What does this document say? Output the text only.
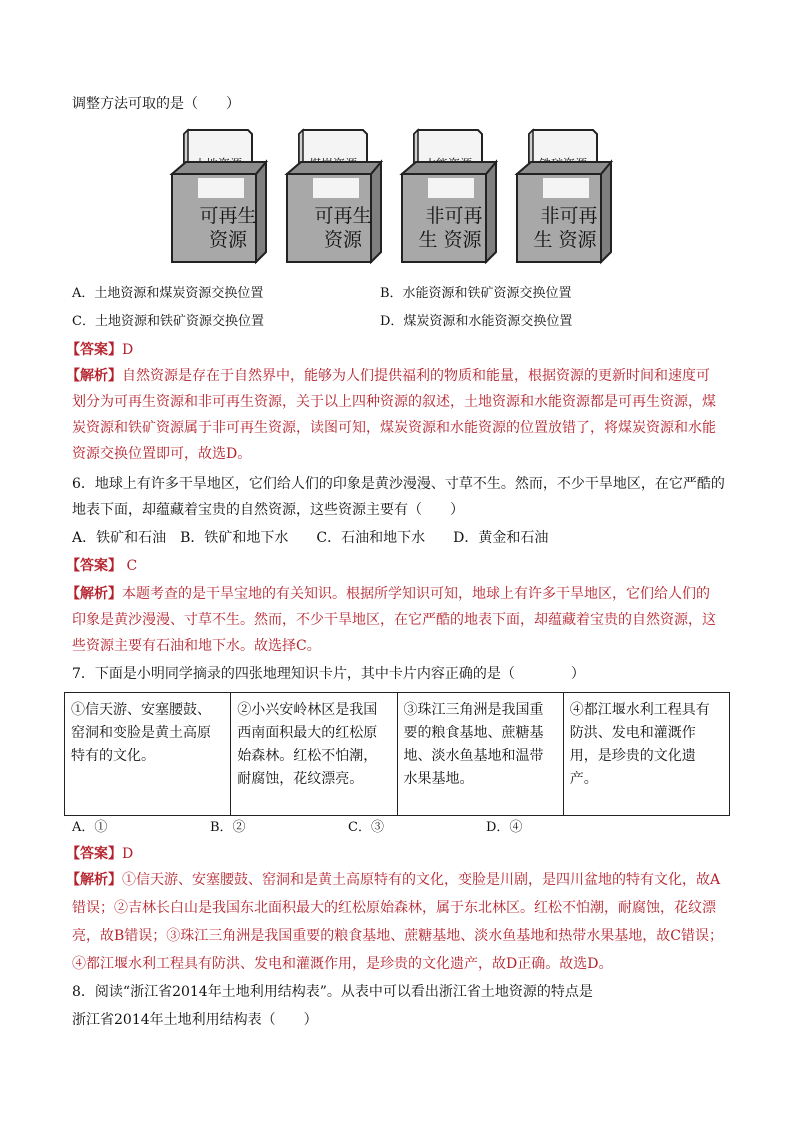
调整方法可取的是（　　）
可再生
资源
可再生
资源
非可再
生 资源
非可再
生 资源
A．土地资源和煤炭资源交换位置	B．水能资源和铁矿资源交换位置
C．土地资源和铁矿资源交换位置	D．煤炭资源和水能资源交换位置
【答案】D
【解析】自然资源是存在于自然界中，能够为人们提供福利的物质和能量，根据资源的更新时间和速度可
划分为可再生资源和非可再生资源，关于以上四种资源的叙述，土地资源和水能资源都是可再生资源，煤
炭资源和铁矿资源属于非可再生资源，读图可知，煤炭资源和水能资源的位置放错了，将煤炭资源和水能
资源交换位置即可，故选D。
6．地球上有许多干旱地区，它们给人们的印象是黄沙漫漫、寸草不生。然而，不少干旱地区，在它严酷的
地表下面，却蕴藏着宝贵的自然资源，这些资源主要有（　　）
A．铁矿和石油　B．铁矿和地下水　　C．石油和地下水　　D．黄金和石油
【答案】 C
【解析】本题考查的是干旱宝地的有关知识。根据所学知识可知，地球上有许多干旱地区，它们给人们的
印象是黄沙漫漫、寸草不生。然而，不少干旱地区，在它严酷的地表下面，却蕴藏着宝贵的自然资源，这
些资源主要有石油和地下水。故选择C。
7．下面是小明同学摘录的四张地理知识卡片，其中卡片内容正确的是（　　　　）
①信天游、安塞腰鼓、窑洞和变脸是黄土高原特有的文化。	②小兴安岭林区是我国西南面积最大的红松原始森林。红松不怕潮，耐腐蚀，花纹漂亮。	③珠江三角洲是我国重要的粮食基地、蔗糖基地、淡水鱼基地和温带水果基地。	④都江堰水利工程具有防洪、发电和灌溉作用，是珍贵的文化遗产。
A．①	B．②	C．③	D．④
【答案】D
【解析】①信天游、安塞腰鼓、窑洞和是黄土高原特有的文化，变脸是川剧，是四川盆地的特有文化，故A
错误；②吉林长白山是我国东北面积最大的红松原始森林，属于东北林区。红松不怕潮，耐腐蚀，花纹漂
亮，故B错误；③珠江三角洲是我国重要的粮食基地、蔗糖基地、淡水鱼基地和热带水果基地，故C错误；
④都江堰水利工程具有防洪、发电和灌溉作用，是珍贵的文化遗产，故D正确。故选D。
8．阅读“浙江省2014年土地利用结构表”。从表中可以看出浙江省土地资源的特点是
浙江省2014年土地利用结构表（　　）
